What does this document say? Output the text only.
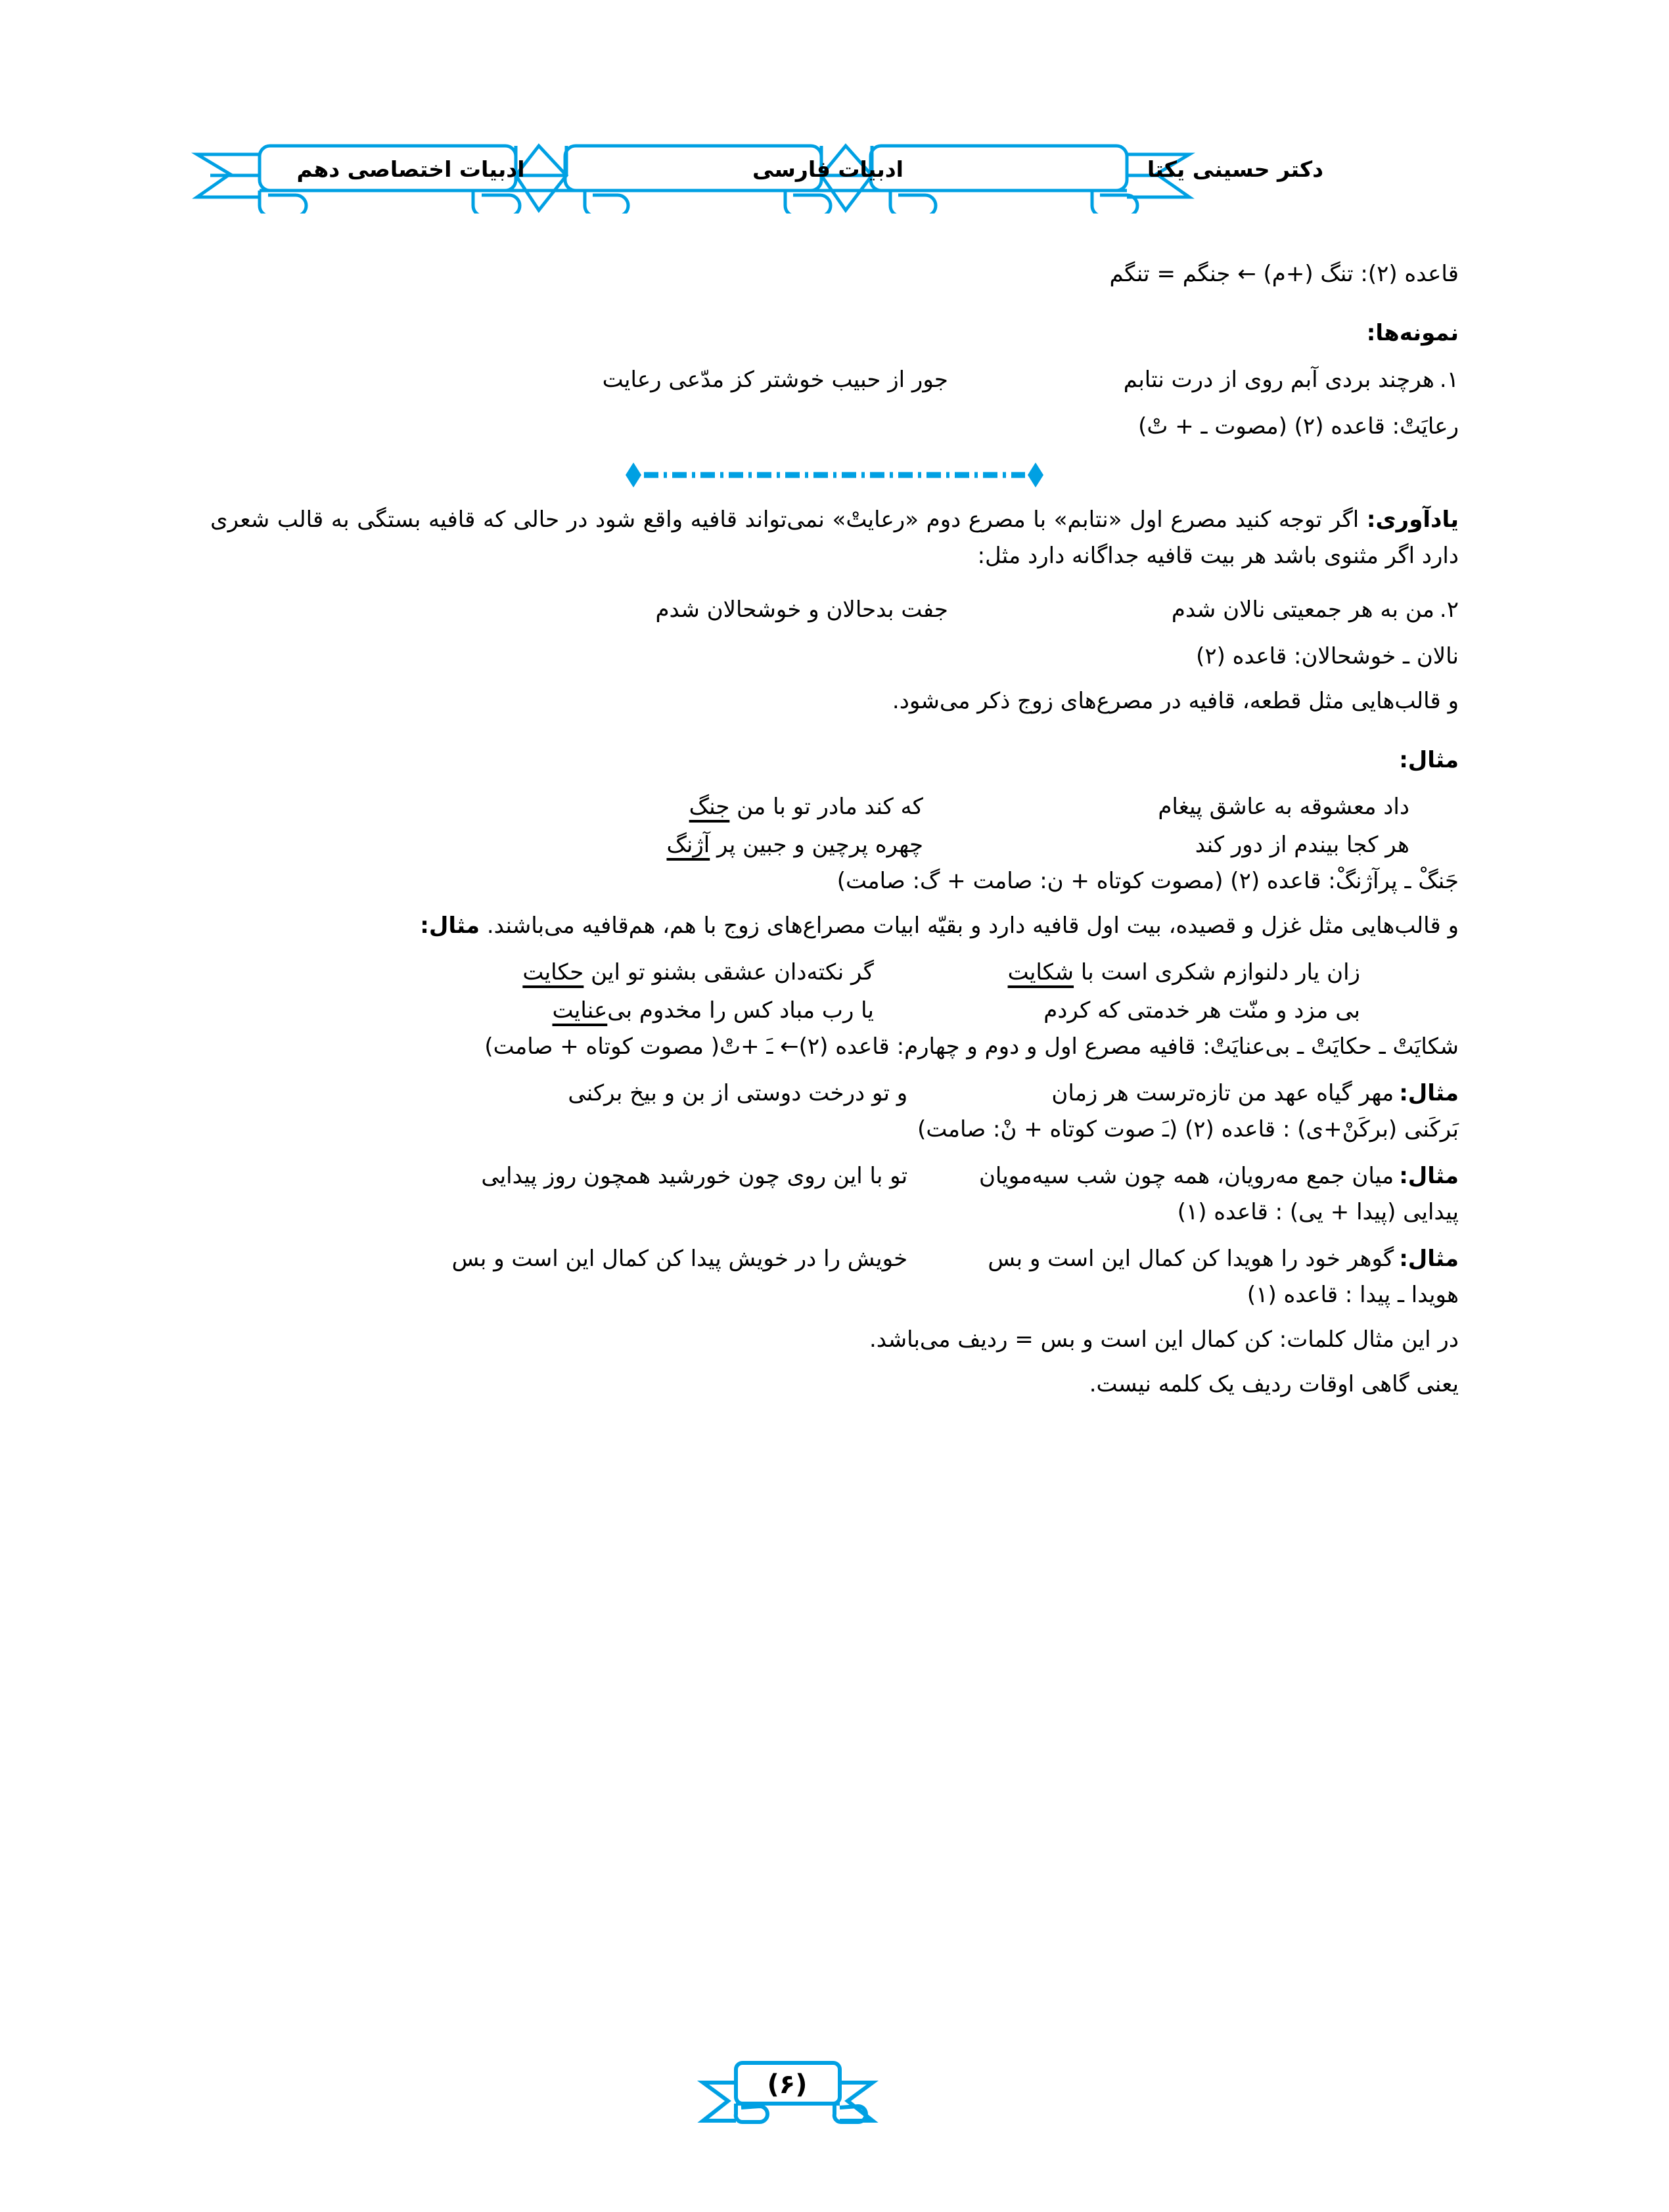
دکتر حسینی یکتا
ادبیات فارسی
ادبیات اختصاصی دهم
قاعده (۲): تنگ (+م) ← جنگم = تنگم
نمونه‌ها:
۱.
هرچند بردی آبم روی از درت نتابم
جور از حبیب خوشتر کز مدّعی رعایت
رعایَتْ: قاعده (۲) (مصوت ـ + تْ)
یادآوری: اگر توجه کنید مصرع اول «نتابم» با مصرع دوم «رعایتْ» نمی‌تواند قافیه واقع شود در حالی که قافیه بستگی به قالب شعری دارد اگر مثنوی باشد هر بیت قافیه جداگانه دارد مثل:
۲.
من به هر جمعیتی نالان شدم
جفت بدحالان و خوشحالان شدم
نالان ـ خوشحالان: قاعده (۲)
و قالب‌هایی مثل قطعه، قافیه در مصرع‌های زوج ذکر می‌شود.
مثال:
داد معشوقه به عاشق پیغام
که کند مادر تو با من جنگ
هر کجا بیندم از دور کند
چهره پرچین و جبین پر آژنگ
جَنگْ ـ پرآژنگْ: قاعده (۲) (مصوت کوتاه + ن: صامت + گ: صامت)
و قالب‌هایی مثل غزل و قصیده، بیت اول قافیه دارد و بقیّه ابیات مصراع‌های زوج با هم، هم‌قافیه می‌باشند. مثال:
زان یار دلنوازم شکری است با شکایت
گر نکته‌دان عشقی بشنو تو این حکایت
بی مزد و منّت هر خدمتی که کردم
یا رب مباد کس را مخدوم بی‌عنایت
شکایَتْ ـ حکایَتْ ـ بی‌عنایَتْ: قافیه مصرع اول و دوم و چهارم: قاعده (۲)← ـَ +تْ( مصوت کوتاه + صامت)
مثال:
مهر گیاه عهد من تازه‌ترست هر زمان
و تو درخت دوستی از بن و بیخ برکنی
بَرکَنی (برکَنْ+ی) : قاعده (۲) (ـَ صوت کوتاه + نْ: صامت)
مثال:
میان جمع مه‌رویان، همه چون شب سیه‌مویان
تو با این روی چون خورشید همچون روز پیدایی
پیدایی (پیدا + یی) : قاعده (۱)
مثال:
گوهر خود را هویدا کن کمال این است و بس
خویش را در خویش پیدا کن کمال این است و بس
هویدا ـ پیدا : قاعده (۱)
در این مثال کلمات: کن کمال این است و بس = ردیف می‌باشد.
یعنی گاهی اوقات ردیف یک کلمه نیست.
(۶)
